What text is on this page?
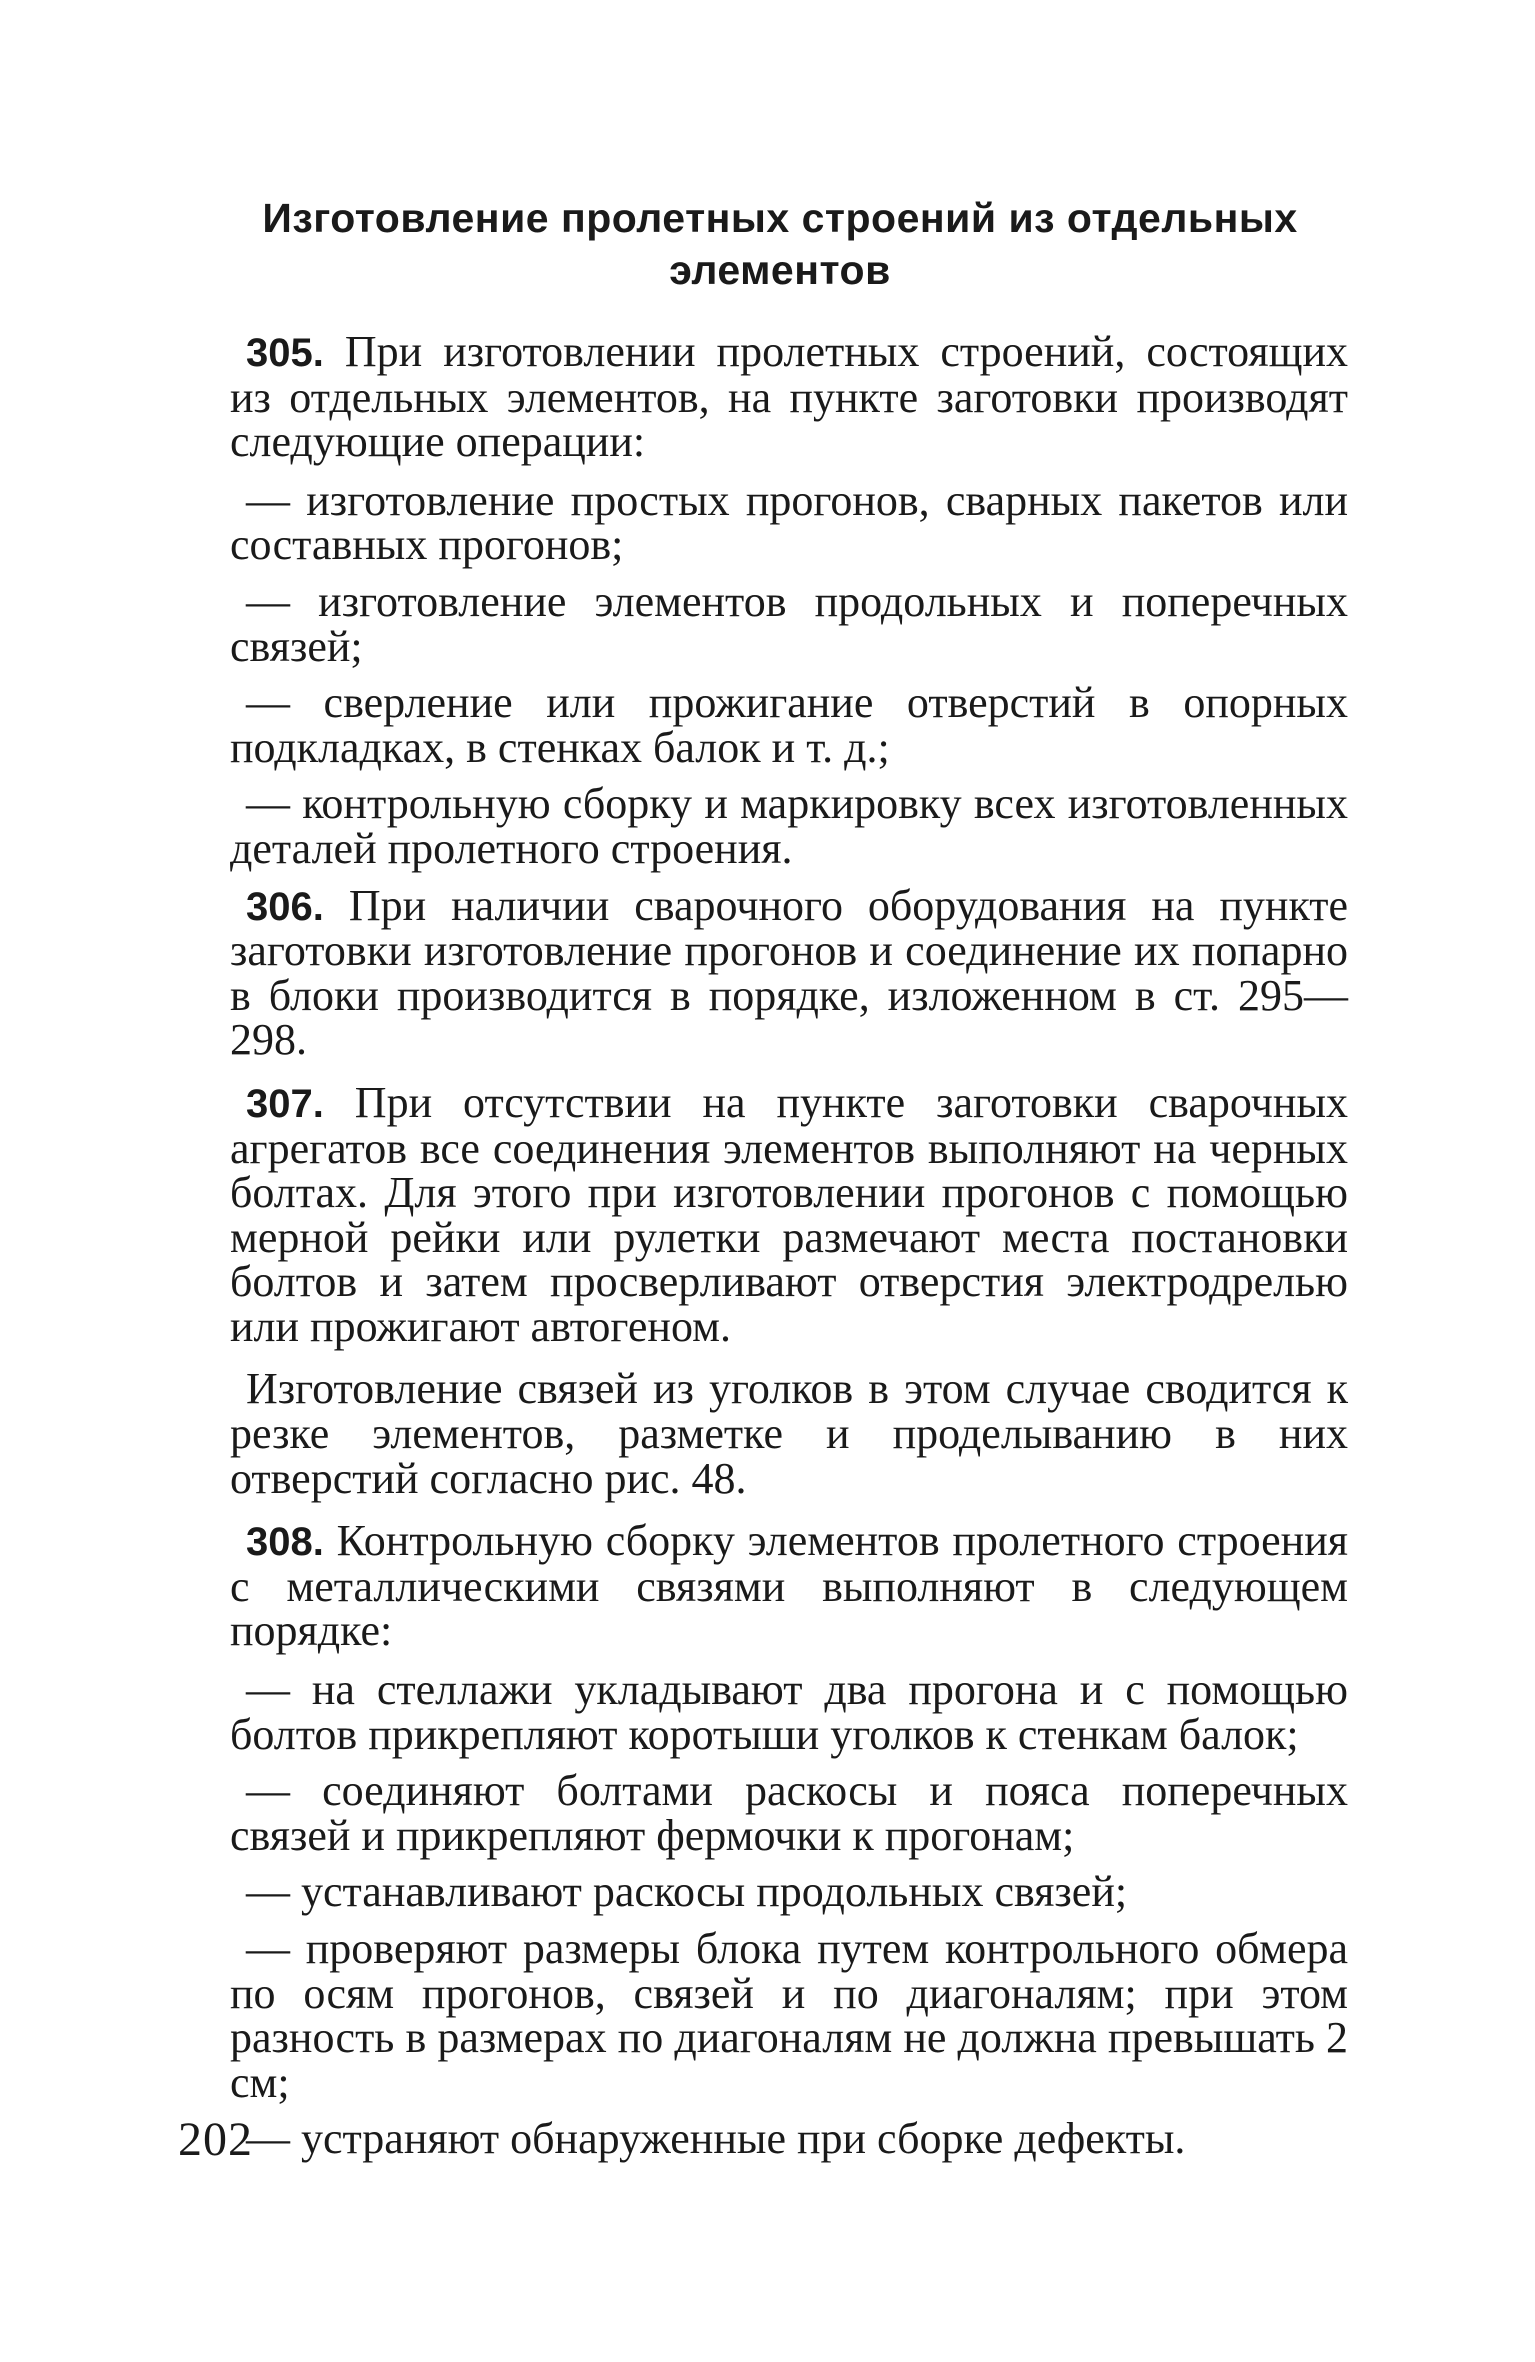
Изготовление пролетных строений из отдельных
элементов

305. При изготовлении пролетных строений, состоящих из отдельных элементов, на пункте заготовки производят следующие операции:

— изготовление простых прогонов, сварных пакетов или составных прогонов;

— изготовление элементов продольных и поперечных связей;

— сверление или прожигание отверстий в опорных подкладках, в стенках балок и т. д.;

— контрольную сборку и маркировку всех изготовленных деталей пролетного строения.

306. При наличии сварочного оборудования на пункте заготовки изготовление прогонов и соединение их попарно в блоки производится в порядке, изложенном в ст. 295—298.

307. При отсутствии на пункте заготовки сварочных агрегатов все соединения элементов выполняют на черных болтах. Для этого при изготовлении прогонов с помощью мерной рейки или рулетки размечают места постановки болтов и затем просверливают отверстия электродрелью или прожигают автогеном.

Изготовление связей из уголков в этом случае сводится к резке элементов, разметке и проделыванию в них отверстий согласно рис. 48.

308. Контрольную сборку элементов пролетного строения с металлическими связями выполняют в следующем порядке:

— на стеллажи укладывают два прогона и с помощью болтов прикрепляют коротыши уголков к стенкам балок;

— соединяют болтами раскосы и пояса поперечных связей и прикрепляют фермочки к прогонам;

— устанавливают раскосы продольных связей;

— проверяют размеры блока путем контрольного обмера по осям прогонов, связей и по диагоналям; при этом разность в размерах по диагоналям не должна превышать 2 см;

— устраняют обнаруженные при сборке дефекты.

202
